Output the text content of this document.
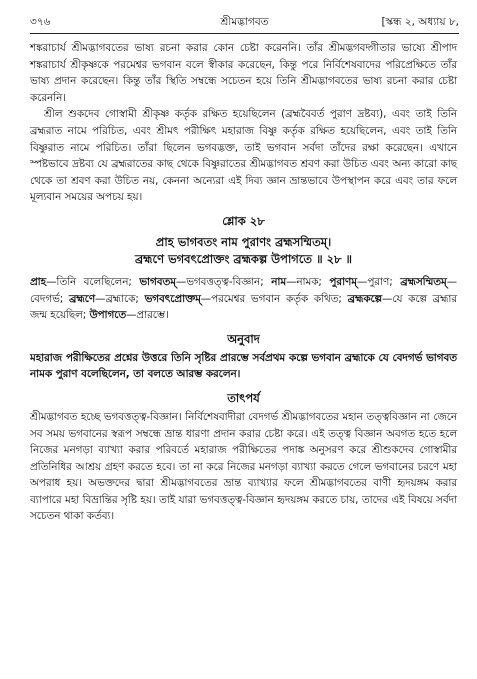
৩৭৬	শ্রীমদ্ভাগবত	[স্কন্ধ ২, অধ্যায় ৮,

শঙ্করাচার্য শ্রীমদ্ভাগবতের ভাষ্য রচনা করার কোন চেষ্টা করেননি। তাঁর শ্রীমদ্ভগবদ্গীতার ভাষ্যে শ্রীপাদ শঙ্করাচার্য শ্রীকৃষ্ণকে পরমেশ্বর ভগবান বলে স্বীকার করেছেন, কিন্তু পরে নির্বিশেষবাদের পরিপ্রেক্ষিতে তাঁর ভাষ্য প্রদান করেছেন। কিন্তু তাঁর স্থিতি সম্বন্ধে সচেতন হয়ে তিনি শ্রীমদ্ভাগবতের ভাষ্য রচনা করার চেষ্টা করেননি।

শ্রীল শুকদেব গোস্বামী শ্রীকৃষ্ণ কর্তৃক রক্ষিত হয়েছিলেন (ব্রহ্মবৈবর্ত পুরাণ দ্রষ্টব্য), এবং তাই তিনি ব্রহ্মরাত নামে পরিচিত, এবং শ্রীমৎ পরীক্ষিৎ মহারাজ বিষ্ণু কর্তৃক রক্ষিত হয়েছিলেন, এবং তাই তিনি বিষ্ণুরাত নামে পরিচিত। তাঁরা ছিলেন ভগবদ্ভক্ত, তাই ভগবান সর্বদা তাঁদের রক্ষা করেছেন। এখানে স্পষ্টভাবে দ্রষ্টব্য যে ব্রহ্মরাতের কাছ থেকে বিষ্ণুরাতের শ্রীমদ্ভাগবত শ্রবণ করা উচিত এবং অন্য কারো কাছ থেকে তা শ্রবণ করা উচিত নয়, কেননা অন্যেরা এই দিব্য জ্ঞান ভ্রান্তভাবে উপস্থাপন করে এবং তার ফলে মূল্যবান সময়ের অপচয় হয়।

শ্লোক ২৮

প্রাহ ভাগবতং নাম পুরাণং ব্রহ্মসম্মিতম্।

ব্রহ্মণে ভগবৎপ্রোক্তং ব্রহ্মকল্প উপাগতে ॥ ২৮ ॥

প্রাহ—তিনি বলেছিলেন; ভাগবতম্—ভগবত্তত্ত্ব-বিজ্ঞান; নাম—নামক; পুরাণম্—পুরাণ; ব্রহ্মসম্মিতম্—বেদগর্ভ; ব্রহ্মণে—ব্রহ্মাকে; ভগবৎপ্রোক্তম্—পরমেশ্বর ভগবান কর্তৃক কথিত; ব্রহ্মকল্পে—যে কল্পে ব্রহ্মার জন্ম হয়েছিল; উপাগতে—প্রারম্ভে।

অনুবাদ

মহারাজ পরীক্ষিতের প্রশ্নের উত্তরে তিনি সৃষ্টির প্রারম্ভে সর্বপ্রথম কল্পে ভগবান ব্রহ্মাকে যে বেদগর্ভ ভাগবত নামক পুরাণ বলেছিলেন, তা বলতে আরম্ভ করলেন।

তাৎপর্য

শ্রীমদ্ভাগবত হচ্ছে ভগবত্তত্ত্ব-বিজ্ঞান। নির্বিশেষবাদীরা বেদগর্ভ শ্রীমদ্ভাগবতের মহান তত্ত্ববিজ্ঞান না জেনে সব সময় ভগবানের স্বরূপ সম্বন্ধে ভ্রান্ত ধারণা প্রদান করার চেষ্টা করে। এই তত্ত্ব বিজ্ঞান অবগত হতে হলে নিজের মনগড়া ব্যাখ্যা করার পরিবর্তে মহারাজ পরীক্ষিতের পদাঙ্ক অনুসরণ করে শ্রীশুকদেব গোস্বামীর প্রতিনিধির আশ্রয় গ্রহণ করতে হবে। তা না করে নিজের মনগড়া ব্যাখ্যা করতে গেলে ভগবানের চরণে মহা অপরাধ হয়। অভক্তদের দ্বারা শ্রীমদ্ভাগবতের ভ্রান্ত ব্যাখ্যার ফলে শ্রীমদ্ভাগবতের বাণী হৃদয়ঙ্গম করার ব্যাপারে মহা বিভ্রান্তির সৃষ্টি হয়। তাই যারা ভগবত্তত্ত্ব-বিজ্ঞান হৃদয়ঙ্গম করতে চায়, তাদের এই বিষয়ে সর্বদা সচেতন থাকা কর্তব্য।
